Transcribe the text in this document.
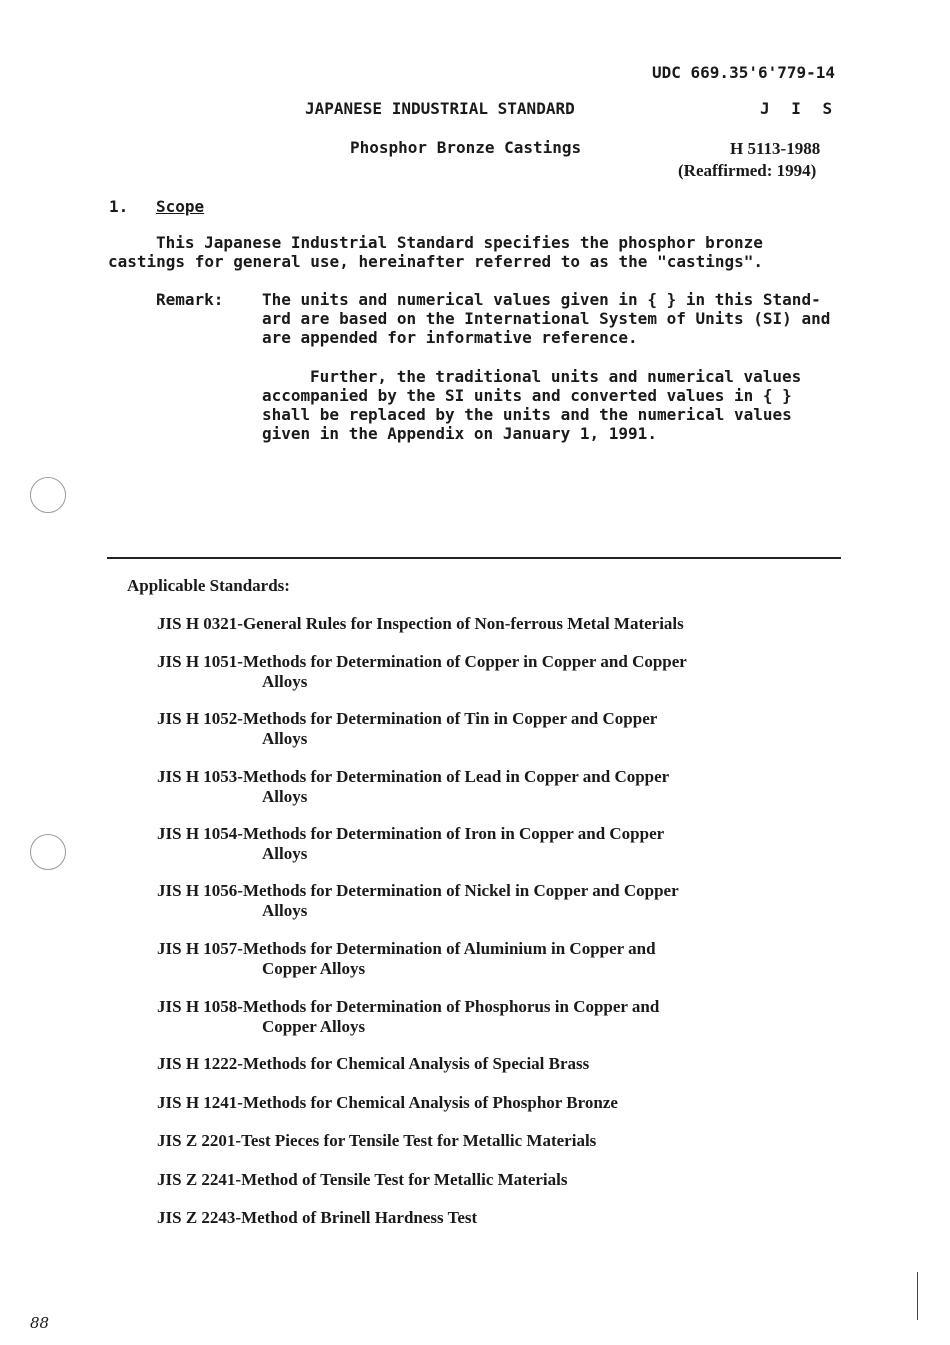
UDC 669.35'6'779-14
JAPANESE INDUSTRIAL STANDARD	J I S
Phosphor Bronze Castings	H 5113-1988
(Reaffirmed: 1994)
1. Scope
This Japanese Industrial Standard specifies the phosphor bronze
castings for general use, hereinafter referred to as the "castings".
Remark: The units and numerical values given in { } in this Stand-
ard are based on the International System of Units (SI) and
are appended for informative reference.
Further, the traditional units and numerical values
accompanied by the SI units and converted values in { }
shall be replaced by the units and the numerical values
given in the Appendix on January 1, 1991.
Applicable Standards:
JIS H 0321-General Rules for Inspection of Non-ferrous Metal Materials
JIS H 1051-Methods for Determination of Copper in Copper and Copper
Alloys
JIS H 1052-Methods for Determination of Tin in Copper and Copper
Alloys
JIS H 1053-Methods for Determination of Lead in Copper and Copper
Alloys
JIS H 1054-Methods for Determination of Iron in Copper and Copper
Alloys
JIS H 1056-Methods for Determination of Nickel in Copper and Copper
Alloys
JIS H 1057-Methods for Determination of Aluminium in Copper and
Copper Alloys
JIS H 1058-Methods for Determination of Phosphorus in Copper and
Copper Alloys
JIS H 1222-Methods for Chemical Analysis of Special Brass
JIS H 1241-Methods for Chemical Analysis of Phosphor Bronze
JIS Z 2201-Test Pieces for Tensile Test for Metallic Materials
JIS Z 2241-Method of Tensile Test for Metallic Materials
JIS Z 2243-Method of Brinell Hardness Test
88
